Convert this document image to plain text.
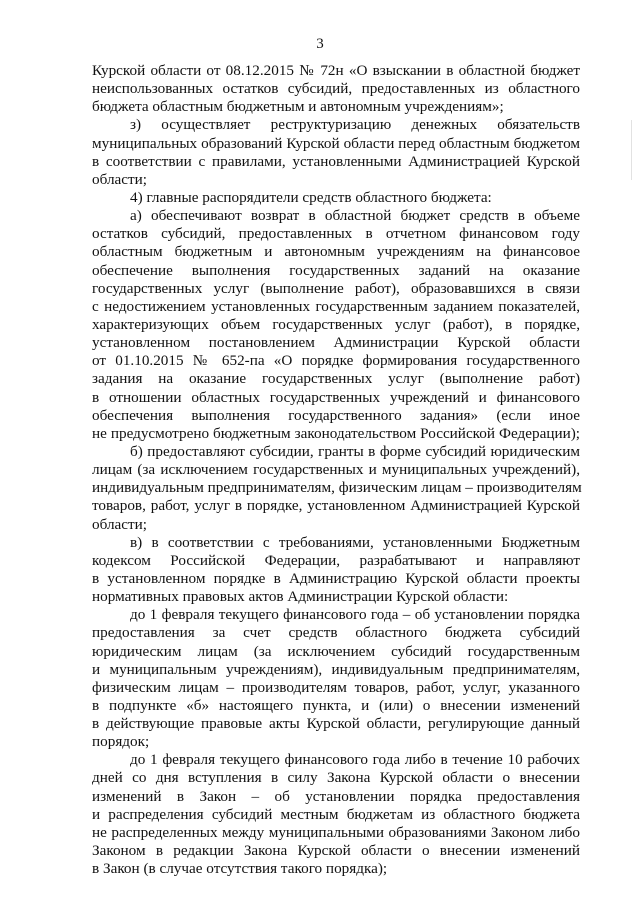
3
Курской области от 08.12.2015 № 72н «О взыскании в областной бюджет
неиспользованных остатков субсидий, предоставленных из областного
бюджета областным бюджетным и автономным учреждениям»;
з) осуществляет реструктуризацию денежных обязательств
муниципальных образований Курской области перед областным бюджетом
в соответствии с правилами, установленными Администрацией Курской
области;
4) главные распорядители средств областного бюджета:
а) обеспечивают возврат в областной бюджет средств в объеме
остатков субсидий, предоставленных в отчетном финансовом году
областным бюджетным и автономным учреждениям на финансовое
обеспечение выполнения государственных заданий на оказание
государственных услуг (выполнение работ), образовавшихся в связи
с недостижением установленных государственным заданием показателей,
характеризующих объем государственных услуг (работ), в порядке,
установленном постановлением Администрации Курской области
от 01.10.2015 № 652-па «О порядке формирования государственного
задания на оказание государственных услуг (выполнение работ)
в отношении областных государственных учреждений и финансового
обеспечения выполнения государственного задания» (если иное
не предусмотрено бюджетным законодательством Российской Федерации);
б) предоставляют субсидии, гранты в форме субсидий юридическим
лицам (за исключением государственных и муниципальных учреждений),
индивидуальным предпринимателям, физическим лицам – производителям
товаров, работ, услуг в порядке, установленном Администрацией Курской
области;
в) в соответствии с требованиями, установленными Бюджетным
кодексом Российской Федерации, разрабатывают и направляют
в установленном порядке в Администрацию Курской области проекты
нормативных правовых актов Администрации Курской области:
до 1 февраля текущего финансового года – об установлении порядка
предоставления за счет средств областного бюджета субсидий
юридическим лицам (за исключением субсидий государственным
и муниципальным учреждениям), индивидуальным предпринимателям,
физическим лицам – производителям товаров, работ, услуг, указанного
в подпункте «б» настоящего пункта, и (или) о внесении изменений
в действующие правовые акты Курской области, регулирующие данный
порядок;
до 1 февраля текущего финансового года либо в течение 10 рабочих
дней со дня вступления в силу Закона Курской области о внесении
изменений в Закон – об установлении порядка предоставления
и распределения субсидий местным бюджетам из областного бюджета
не распределенных между муниципальными образованиями Законом либо
Законом в редакции Закона Курской области о внесении изменений
в Закон (в случае отсутствия такого порядка);
